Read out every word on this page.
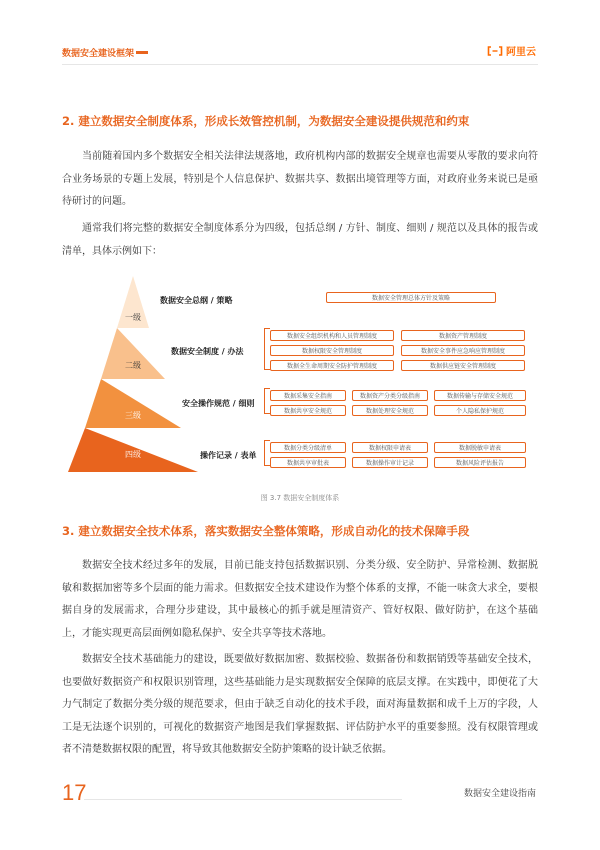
数据安全建设框架	阿里云
2. 建立数据安全制度体系，形成长效管控机制，为数据安全建设提供规范和约束

当前随着国内多个数据安全相关法律法规落地，政府机构内部的数据安全规章也需要从零散的要求向符合业务场景的专题上发展，特别是个人信息保护、数据共享、数据出境管理等方面，对政府业务来说已是亟待研讨的问题。

通常我们将完整的数据安全制度体系分为四级，包括总纲 / 方针、制度、细则 / 规范以及具体的报告或清单，具体示例如下：

一级
二级
三级
四级
数据安全总纲 / 策略	数据安全管理总体方针及策略
数据安全制度 / 办法
数据安全组织机构和人员管理制度	数据资产管理制度
数据权限安全管理制度	数据安全事件应急响应管理制度
数据全生命周期安全防护管理制度	数据供应链安全管理制度
安全操作规范 / 细则
数据采集安全指南	数据资产分类分级指南	数据传输与存储安全规范
数据共享安全规范	数据处理安全规范	个人隐私保护规范
操作记录 / 表单
数据分类分级清单	数据权限申请表	数据脱敏申请表
数据共享审批表	数据操作审计记录	数据风险评估报告
图 3.7 数据安全制度体系
3. 建立数据安全技术体系，落实数据安全整体策略，形成自动化的技术保障手段

数据安全技术经过多年的发展，目前已能支持包括数据识别、分类分级、安全防护、异常检测、数据脱敏和数据加密等多个层面的能力需求。但数据安全技术建设作为整个体系的支撑，不能一味贪大求全，要根据自身的发展需求，合理分步建设，其中最核心的抓手就是厘清资产、管好权限、做好防护，在这个基础上，才能实现更高层面例如隐私保护、安全共享等技术落地。

数据安全技术基础能力的建设，既要做好数据加密、数据校验、数据备份和数据销毁等基础安全技术，也要做好数据资产和权限识别管理，这些基础能力是实现数据安全保障的底层支撑。在实践中，即便花了大力气制定了数据分类分级的规范要求，但由于缺乏自动化的技术手段，面对海量数据和成千上万的字段，人工是无法逐个识别的，可视化的数据资产地图是我们掌握数据、评估防护水平的重要参照。没有权限管理或者不清楚数据权限的配置，将导致其他数据安全防护策略的设计缺乏依据。

17	数据安全建设指南
